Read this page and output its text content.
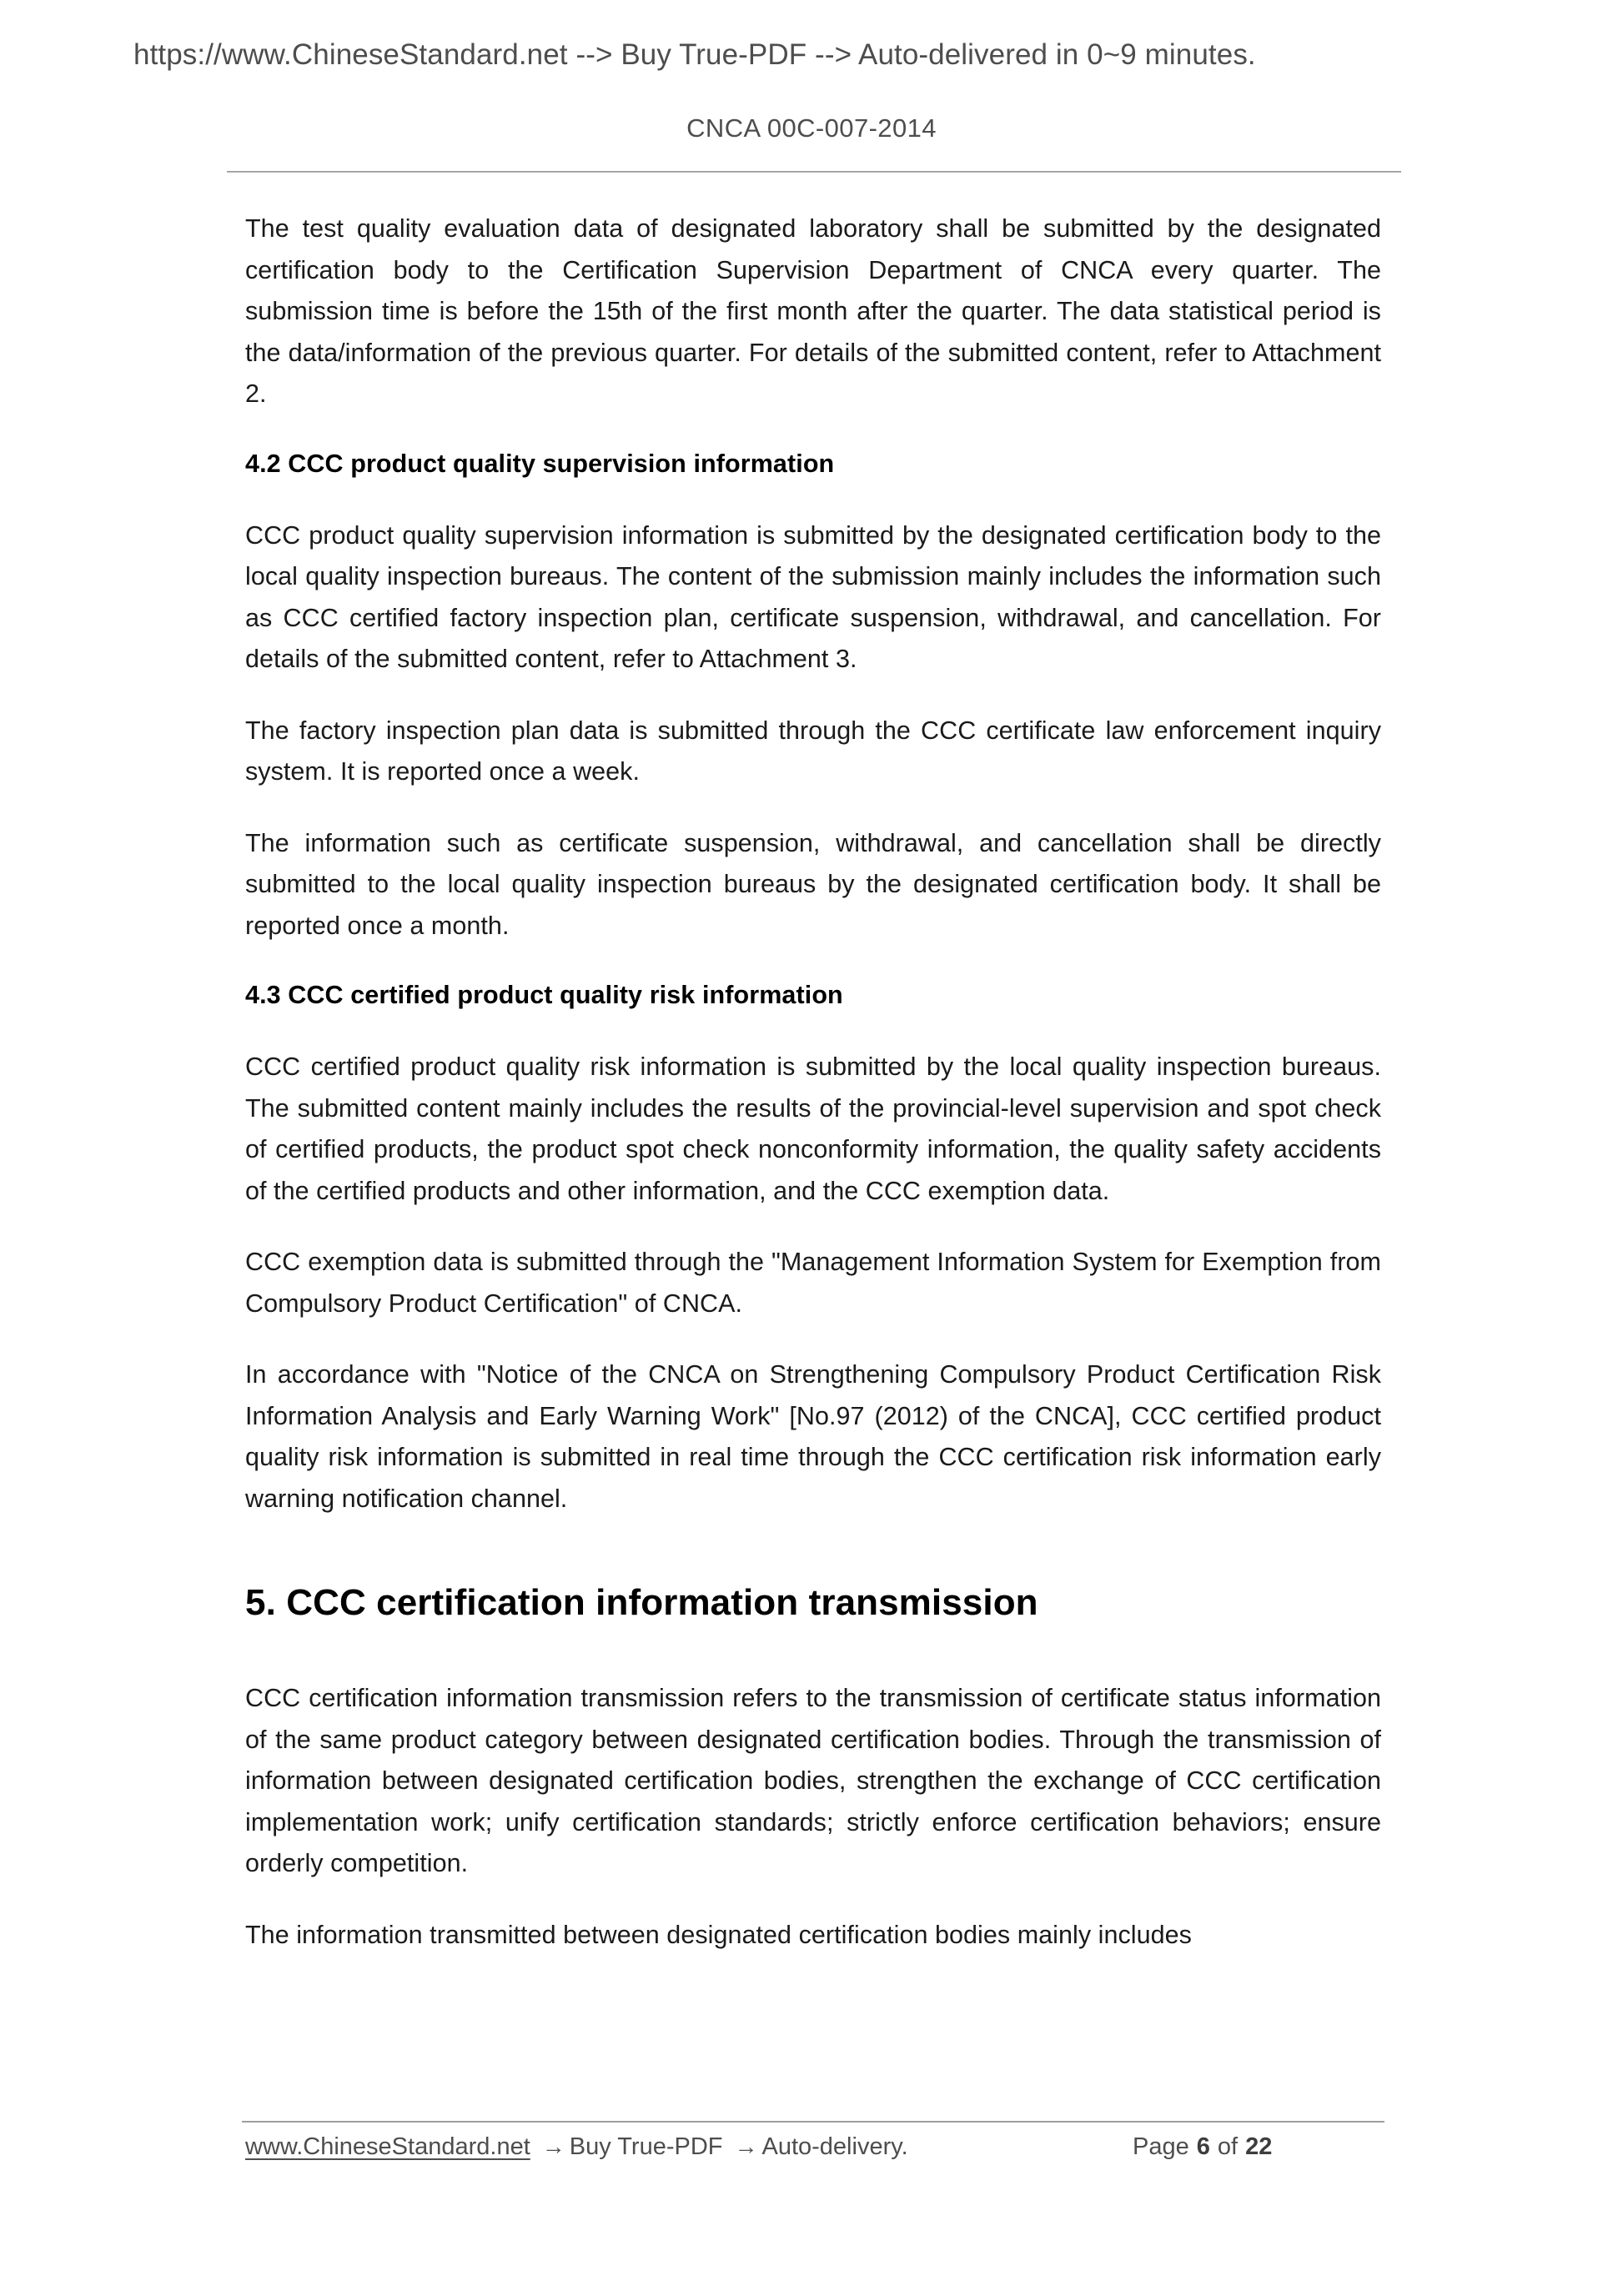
https://www.ChineseStandard.net --> Buy True-PDF --> Auto-delivered in 0~9 minutes.
CNCA 00C-007-2014

The test quality evaluation data of designated laboratory shall be submitted by the designated certification body to the Certification Supervision Department of CNCA every quarter. The submission time is before the 15th of the first month after the quarter. The data statistical period is the data/information of the previous quarter. For details of the submitted content, refer to Attachment 2.

4.2 CCC product quality supervision information

CCC product quality supervision information is submitted by the designated certification body to the local quality inspection bureaus. The content of the submission mainly includes the information such as CCC certified factory inspection plan, certificate suspension, withdrawal, and cancellation. For details of the submitted content, refer to Attachment 3.

The factory inspection plan data is submitted through the CCC certificate law enforcement inquiry system. It is reported once a week.

The information such as certificate suspension, withdrawal, and cancellation shall be directly submitted to the local quality inspection bureaus by the designated certification body. It shall be reported once a month.

4.3 CCC certified product quality risk information

CCC certified product quality risk information is submitted by the local quality inspection bureaus. The submitted content mainly includes the results of the provincial-level supervision and spot check of certified products, the product spot check nonconformity information, the quality safety accidents of the certified products and other information, and the CCC exemption data.

CCC exemption data is submitted through the "Management Information System for Exemption from Compulsory Product Certification" of CNCA.

In accordance with "Notice of the CNCA on Strengthening Compulsory Product Certification Risk Information Analysis and Early Warning Work" [No.97 (2012) of the CNCA], CCC certified product quality risk information is submitted in real time through the CCC certification risk information early warning notification channel.

5. CCC certification information transmission

CCC certification information transmission refers to the transmission of certificate status information of the same product category between designated certification bodies. Through the transmission of information between designated certification bodies, strengthen the exchange of CCC certification implementation work; unify certification standards; strictly enforce certification behaviors; ensure orderly competition.

The information transmitted between designated certification bodies mainly includes

www.ChineseStandard.net → Buy True-PDF → Auto-delivery.	Page 6 of 22
